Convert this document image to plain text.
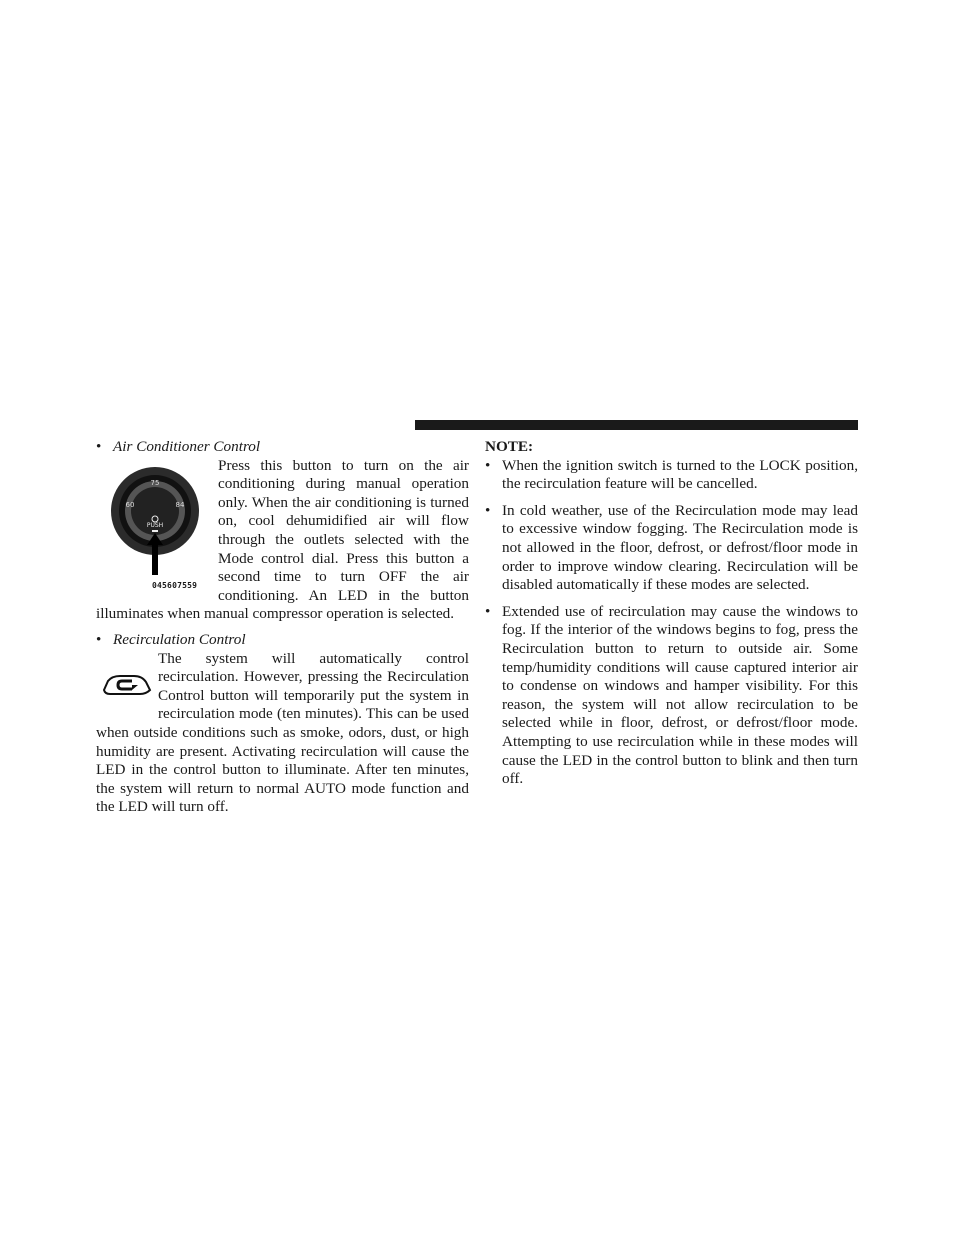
• Air Conditioner Control
75
60	84
PUSH
045607559

Press this button to turn on the air conditioning during manual operation only. When the air conditioning is turned on, cool dehumidified air will flow through the outlets selected with the Mode control dial. Press this button a second time to turn OFF the air conditioning. An LED in the button illuminates when manual compressor operation is selected.

• Recirculation Control

The system will automatically control recirculation. However, pressing the Recirculation Control button will temporarily put the system in recirculation mode (ten minutes). This can be used when outside conditions such as smoke, odors, dust, or high humidity are present. Activating recirculation will cause the LED in the control button to illuminate. After ten minutes, the system will return to normal AUTO mode function and the LED will turn off.

NOTE:
• When the ignition switch is turned to the LOCK position, the recirculation feature will be cancelled.
• In cold weather, use of the Recirculation mode may lead to excessive window fogging. The Recirculation mode is not allowed in the floor, defrost, or defrost/floor mode in order to improve window clearing. Recirculation will be disabled automatically if these modes are selected.
• Extended use of recirculation may cause the windows to fog. If the interior of the windows begins to fog, press the Recirculation button to return to outside air. Some temp/humidity conditions will cause captured interior air to condense on windows and hamper visibility. For this reason, the system will not allow recirculation to be selected while in floor, defrost, or defrost/floor mode. Attempting to use recirculation while in these modes will cause the LED in the control button to blink and then turn off.
